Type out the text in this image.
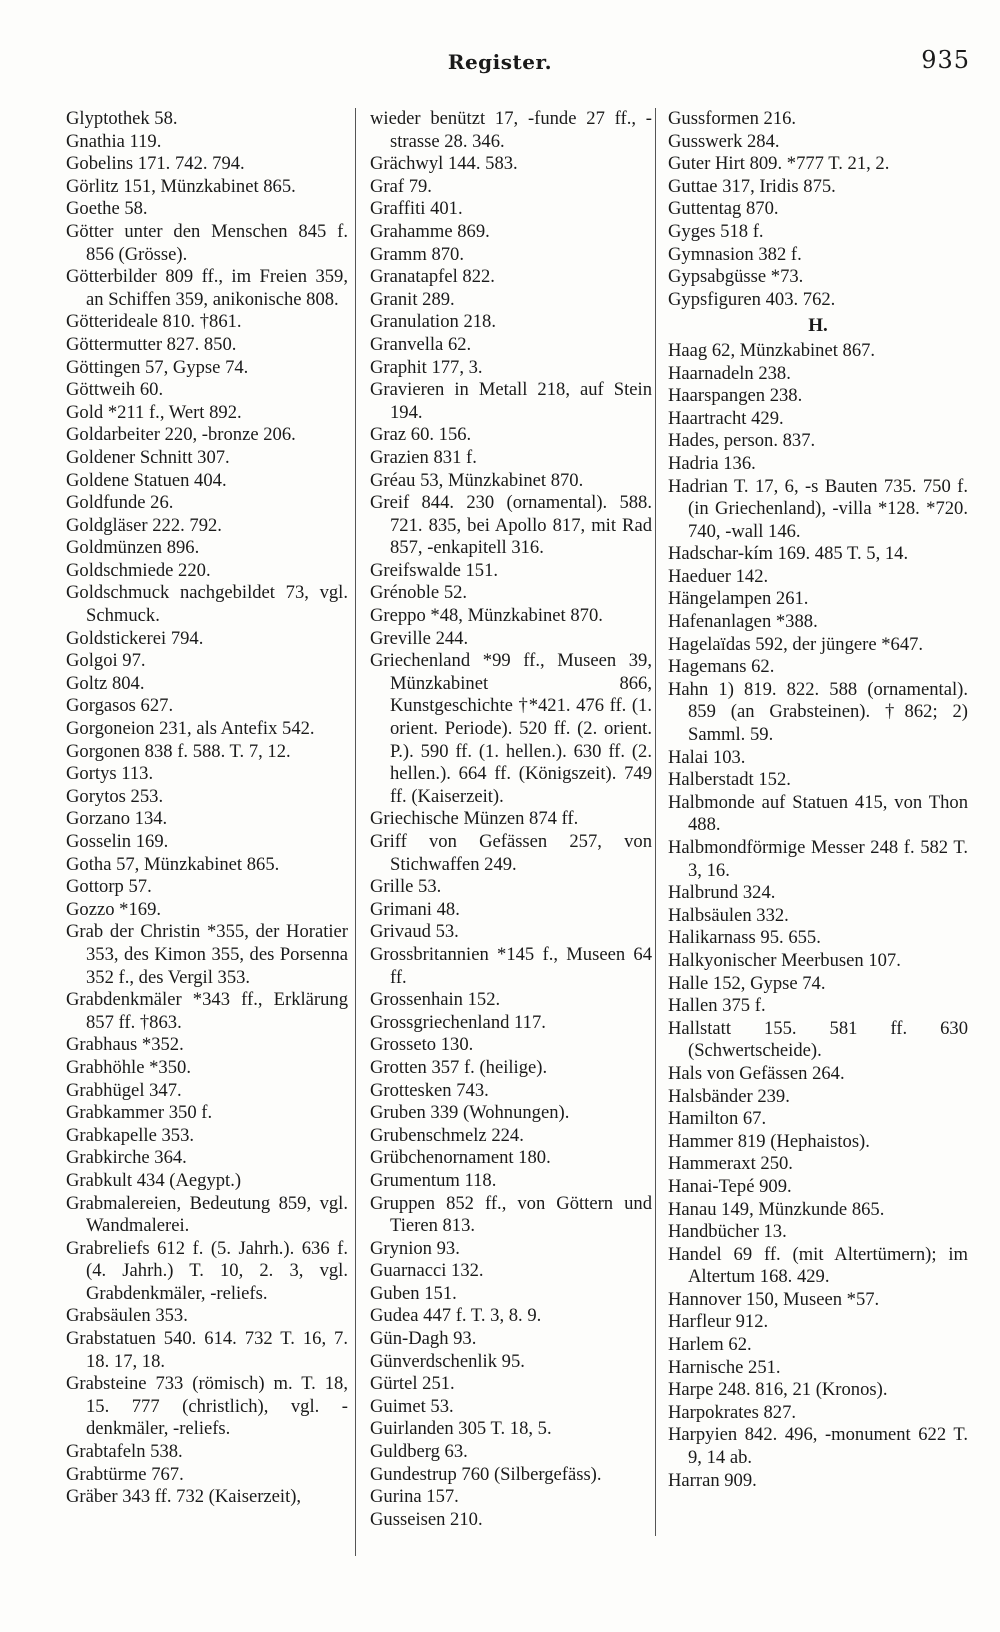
Register.	935

Glyptothek 58.

Gnathia 119.

Gobelins 171. 742. 794.

Görlitz 151, Münzkabinet 865.

Goethe 58.

Götter unter den Menschen 845 f. 856 (Grösse).

Götterbilder 809 ff., im Freien 359, an Schiffen 359, anikonische 808.

Götterideale 810. †861.

Göttermutter 827. 850.

Göttingen 57, Gypse 74.

Göttweih 60.

Gold *211 f., Wert 892.

Goldarbeiter 220, -bronze 206.

Goldener Schnitt 307.

Goldene Statuen 404.

Goldfunde 26.

Goldgläser 222. 792.

Goldmünzen 896.

Goldschmiede 220.

Goldschmuck nachgebildet 73, vgl. Schmuck.

Goldstickerei 794.

Golgoi 97.

Goltz 804.

Gorgasos 627.

Gorgoneion 231, als Antefix 542.

Gorgonen 838 f. 588. T. 7, 12.

Gortys 113.

Gorytos 253.

Gorzano 134.

Gosselin 169.

Gotha 57, Münzkabinet 865.

Gottorp 57.

Gozzo *169.

Grab der Christin *355, der Horatier 353, des Kimon 355, des Porsenna 352 f., des Vergil 353.

Grabdenkmäler *343 ff., Erklärung 857 ff. †863.

Grabhaus *352.

Grabhöhle *350.

Grabhügel 347.

Grabkammer 350 f.

Grabkapelle 353.

Grabkirche 364.

Grabkult 434 (Aegypt.)

Grabmalereien, Bedeutung 859, vgl. Wandmalerei.

Grabreliefs 612 f. (5. Jahrh.). 636 f. (4. Jahrh.) T. 10, 2. 3, vgl. Grabdenkmäler, -reliefs.

Grabsäulen 353.

Grabstatuen 540. 614. 732 T. 16, 7. 18. 17, 18.

Grabsteine 733 (römisch) m. T. 18, 15. 777 (christlich), vgl. -denkmäler, -reliefs.

Grabtafeln 538.

Grabtürme 767.

Gräber 343 ff. 732 (Kaiserzeit),

wieder benützt 17, -funde 27 ff., -strasse 28. 346.

Grächwyl 144. 583.

Graf 79.

Graffiti 401.

Grahamme 869.

Gramm 870.

Granatapfel 822.

Granit 289.

Granulation 218.

Granvella 62.

Graphit 177, 3.

Gravieren in Metall 218, auf Stein 194.

Graz 60. 156.

Grazien 831 f.

Gréau 53, Münzkabinet 870.

Greif 844. 230 (ornamental). 588. 721. 835, bei Apollo 817, mit Rad 857, -enkapitell 316.

Greifswalde 151.

Grénoble 52.

Greppo *48, Münzkabinet 870.

Greville 244.

Griechenland *99 ff., Museen 39, Münzkabinet 866, Kunstgeschichte †*421. 476 ff. (1. orient. Periode). 520 ff. (2. orient. P.). 590 ff. (1. hellen.). 630 ff. (2. hellen.). 664 ff. (Königszeit). 749 ff. (Kaiserzeit).

Griechische Münzen 874 ff.

Griff von Gefässen 257, von Stichwaffen 249.

Grille 53.

Grimani 48.

Grivaud 53.

Grossbritannien *145 f., Museen 64 ff.

Grossenhain 152.

Grossgriechenland 117.

Grosseto 130.

Grotten 357 f. (heilige).

Grottesken 743.

Gruben 339 (Wohnungen).

Grubenschmelz 224.

Grübchenornament 180.

Grumentum 118.

Gruppen 852 ff., von Göttern und Tieren 813.

Grynion 93.

Guarnacci 132.

Guben 151.

Gudea 447 f. T. 3, 8. 9.

Gün-Dagh 93.

Günverdschenlik 95.

Gürtel 251.

Guimet 53.

Guirlanden 305 T. 18, 5.

Guldberg 63.

Gundestrup 760 (Silbergefäss).

Gurina 157.

Gusseisen 210.

Gussformen 216.

Gusswerk 284.

Guter Hirt 809. *777 T. 21, 2.

Guttae 317, Iridis 875.

Guttentag 870.

Gyges 518 f.

Gymnasion 382 f.

Gypsabgüsse *73.

Gypsfiguren 403. 762.

H.

Haag 62, Münzkabinet 867.

Haarnadeln 238.

Haarspangen 238.

Haartracht 429.

Hades, person. 837.

Hadria 136.

Hadrian T. 17, 6, -s Bauten 735. 750 f. (in Griechenland), -villa *128. *720. 740, -wall 146.

Hadschar-kím 169. 485 T. 5, 14.

Haeduer 142.

Hängelampen 261.

Hafenanlagen *388.

Hagelaïdas 592, der jüngere *647.

Hagemans 62.

Hahn 1) 819. 822. 588 (ornamental). 859 (an Grabsteinen). †862; 2) Samml. 59.

Halai 103.

Halberstadt 152.

Halbmonde auf Statuen 415, von Thon 488.

Halbmondförmige Messer 248 f. 582 T. 3, 16.

Halbrund 324.

Halbsäulen 332.

Halikarnass 95. 655.

Halkyonischer Meerbusen 107.

Halle 152, Gypse 74.

Hallen 375 f.

Hallstatt 155. 581 ff. 630 (Schwertscheide).

Hals von Gefässen 264.

Halsbänder 239.

Hamilton 67.

Hammer 819 (Hephaistos).

Hammeraxt 250.

Hanai-Tepé 909.

Hanau 149, Münzkunde 865.

Handbücher 13.

Handel 69 ff. (mit Altertümern); im Altertum 168. 429.

Hannover 150, Museen *57.

Harfleur 912.

Harlem 62.

Harnische 251.

Harpe 248. 816, 21 (Kronos).

Harpokrates 827.

Harpyien 842. 496, -monument 622 T. 9, 14 ab.

Harran 909.
